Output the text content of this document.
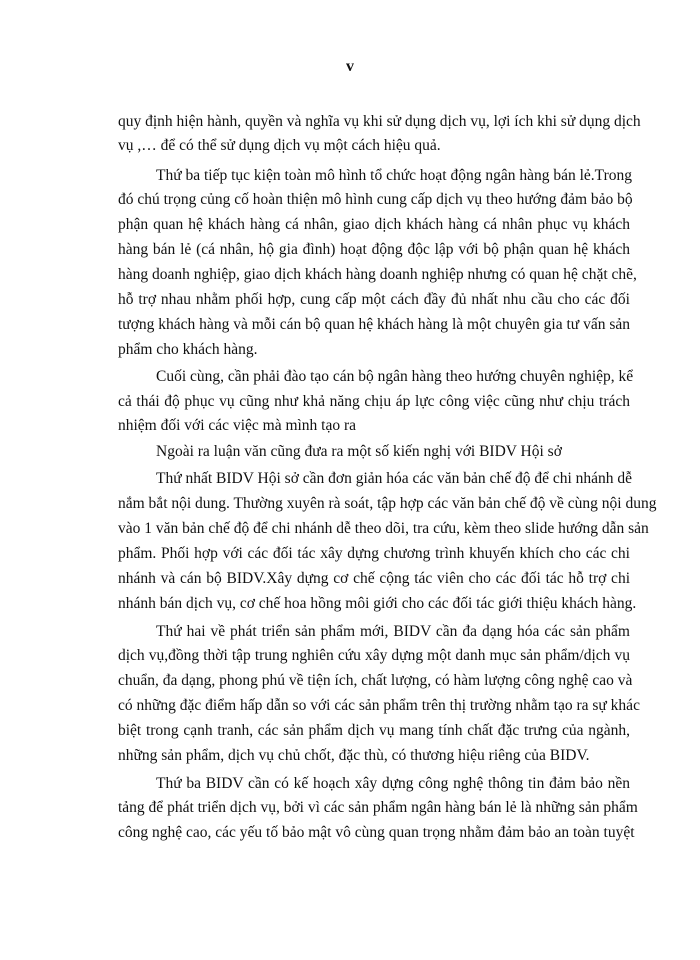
v
quy định hiện hành, quyền và nghĩa vụ khi sử dụng dịch vụ, lợi ích khi sử dụng dịch
vụ ,… để có thể sử dụng dịch vụ một cách hiệu quả.
Thứ ba tiếp tục kiện toàn mô hình tổ chức hoạt động ngân hàng bán lẻ.Trong
đó chú trọng củng cố hoàn thiện mô hình cung cấp dịch vụ theo hướng đảm bảo bộ
phận quan hệ khách hàng cá nhân, giao dịch khách hàng cá nhân phục vụ khách
hàng bán lẻ (cá nhân, hộ gia đình) hoạt động độc lập với bộ phận quan hệ khách
hàng doanh nghiệp, giao dịch khách hàng doanh nghiệp nhưng có quan hệ chặt chẽ,
hỗ trợ nhau nhằm phối hợp, cung cấp một cách đầy đủ nhất nhu cầu cho các đối
tượng khách hàng và mỗi cán bộ quan hệ khách hàng là một chuyên gia tư vấn sản
phẩm cho khách hàng.
Cuối cùng, cần phải đào tạo cán bộ ngân hàng theo hướng chuyên nghiệp, kể
cả thái độ phục vụ cũng như khả năng chịu áp lực công việc cũng như chịu trách
nhiệm đối với các việc mà mình tạo ra
Ngoài ra luận văn cũng đưa ra một số kiến nghị với BIDV Hội sở
Thứ nhất BIDV Hội sở cần đơn giản hóa các văn bản chế độ để chi nhánh dễ
nắm bắt nội dung. Thường xuyên rà soát, tập hợp các văn bản chế độ về cùng nội dung
vào 1 văn bản chế độ để chi nhánh dễ theo dõi, tra cứu, kèm theo slide hướng dẫn sản
phẩm. Phối hợp với các đối tác xây dựng chương trình khuyến khích cho các chi
nhánh và cán bộ BIDV.Xây dựng cơ chế cộng tác viên cho các đối tác hỗ trợ chi
nhánh bán dịch vụ, cơ chế hoa hồng môi giới cho các đối tác giới thiệu khách hàng.
Thứ hai về phát triển sản phẩm mới, BIDV cần đa dạng hóa các sản phẩm
dịch vụ,đồng thời tập trung nghiên cứu xây dựng một danh mục sản phẩm/dịch vụ
chuẩn, đa dạng, phong phú về tiện ích, chất lượng, có hàm lượng công nghệ cao và
có những đặc điểm hấp dẫn so với các sản phẩm trên thị trường nhằm tạo ra sự khác
biệt trong cạnh tranh, các sản phẩm dịch vụ mang tính chất đặc trưng của ngành,
những sản phẩm, dịch vụ chủ chốt, đặc thù, có thương hiệu riêng của BIDV.
Thứ ba BIDV cần có kế hoạch xây dựng công nghệ thông tin đảm bảo nền
tảng để phát triển dịch vụ, bởi vì các sản phẩm ngân hàng bán lẻ là những sản phẩm
công nghệ cao, các yếu tố bảo mật vô cùng quan trọng nhằm đảm bảo an toàn tuyệt
